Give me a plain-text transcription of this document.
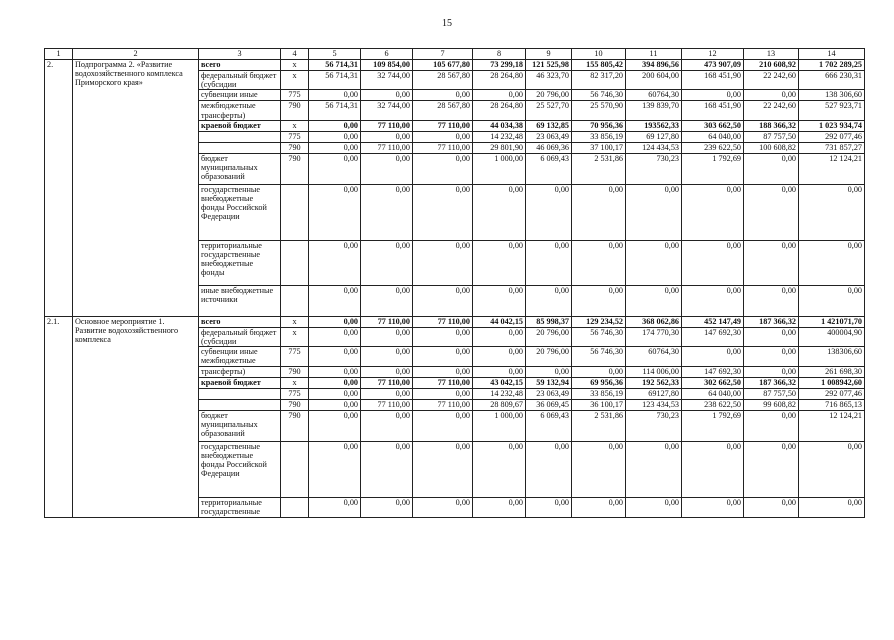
15
1	2	3	4	5	6	7	8	9	10	11	12	13	14
2.	Подпрограмма 2. «Развитие водохозяйственного комплекса Приморского края»	всего	x	56 714,31	109 854,00	105 677,80	73 299,18	121 525,98	155 805,42	394 896,56	473 907,09	210 608,92	1 702 289,25
		федеральный бюджет (субсидии	x	56 714,31	32 744,00	28 567,80	28 264,80	46 323,70	82 317,20	200 604,00	168 451,90	22 242,60	666 230,31
		субвенции иные	775	0,00	0,00	0,00	0,00	20 796,00	56 746,30	60764,30	0,00	0,00	138 306,60
		межбюджетные трансферты)	790	56 714,31	32 744,00	28 567,80	28 264,80	25 527,70	25 570,90	139 839,70	168 451,90	22 242,60	527 923,71
		краевой бюджет	x	0,00	77 110,00	77 110,00	44 034,38	69 132,85	70 956,36	193562,33	303 662,50	188 366,32	1 023 934,74
			775	0,00	0,00	0,00	14 232,48	23 063,49	33 856,19	69 127,80	64 040,00	87 757,50	292 077,46
			790	0,00	77 110,00	77 110,00	29 801,90	46 069,36	37 100,17	124 434,53	239 622,50	100 608,82	731 857,27
		бюджет муниципальных образований	790	0,00	0,00	0,00	1 000,00	6 069,43	2 531,86	730,23	1 792,69	0,00	12 124,21
		государственные внебюджетные фонды Российской Федерации		0,00	0,00	0,00	0,00	0,00	0,00	0,00	0,00	0,00	0,00
		территориальные государственные внебюджетные фонды		0,00	0,00	0,00	0,00	0,00	0,00	0,00	0,00	0,00	0,00
		иные внебюджетные источники		0,00	0,00	0,00	0,00	0,00	0,00	0,00	0,00	0,00	0,00
2.1.	Основное мероприятие 1. Развитие водохозяйственного комплекса	всего	x	0,00	77 110,00	77 110,00	44 042,15	85 998,37	129 234,52	368 062,86	452 147,49	187 366,32	1 421071,70
		федеральный бюджет (субсидии	x	0,00	0,00	0,00	0,00	20 796,00	56 746,30	174 770,30	147 692,30	0,00	400004,90
		субвенции иные межбюджетные	775	0,00	0,00	0,00	0,00	20 796,00	56 746,30	60764,30	0,00	0,00	138306,60
		трансферты)	790	0,00	0,00	0,00	0,00	0,00	0,00	114 006,00	147 692,30	0,00	261 698,30
		краевой бюджет	x	0,00	77 110,00	77 110,00	43 042,15	59 132,94	69 956,36	192 562,33	302 662,50	187 366,32	1 008942,60
			775	0,00	0,00	0,00	14 232,48	23 063,49	33 856,19	69127,80	64 040,00	87 757,50	292 077,46
			790	0,00	77 110,00	77 110,00	28 809,67	36 069,45	36 100,17	123 434,53	238 622,50	99 608,82	716 865,13
		бюджет муниципальных образований	790	0,00	0,00	0,00	1 000,00	6 069,43	2 531,86	730,23	1 792,69	0,00	12 124,21
		государственные внебюджетные фонды Российской Федерации		0,00	0,00	0,00	0,00	0,00	0,00	0,00	0,00	0,00	0,00
		территориальные государственные		0,00	0,00	0,00	0,00	0,00	0,00	0,00	0,00	0,00	0,00
